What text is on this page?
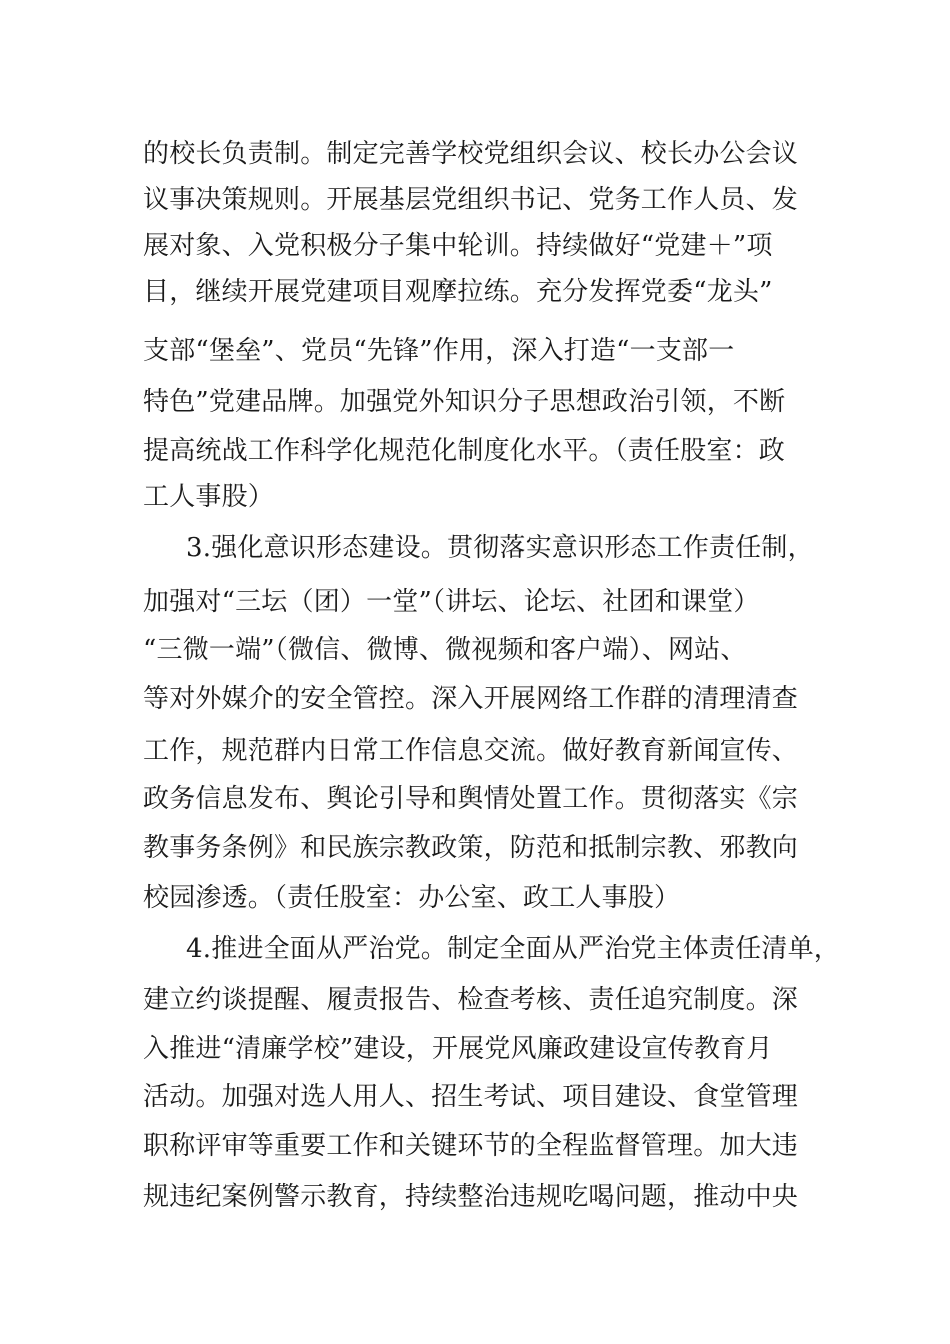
的校长负责制。制定完善学校党组织会议、校长办公会议
议事决策规则。开展基层党组织书记、党务工作人员、发
展对象、入党积极分子集中轮训。持续做好“党建＋”项
目，继续开展党建项目观摩拉练。充分发挥党委“龙头”
支部“堡垒”、党员“先锋”作用，深入打造“一支部一
特色”党建品牌。加强党外知识分子思想政治引领，不断
提高统战工作科学化规范化制度化水平。（责任股室：政
工人事股）
3.强化意识形态建设。贯彻落实意识形态工作责任制，
加强对“三坛（团）一堂”（讲坛、论坛、社团和课堂）
“三微一端”（微信、微博、微视频和客户端）、网站、
等对外媒介的安全管控。深入开展网络工作群的清理清查
工作，规范群内日常工作信息交流。做好教育新闻宣传、
政务信息发布、舆论引导和舆情处置工作。贯彻落实《宗
教事务条例》和民族宗教政策，防范和抵制宗教、邪教向
校园渗透。（责任股室：办公室、政工人事股）
4.推进全面从严治党。制定全面从严治党主体责任清单，
建立约谈提醒、履责报告、检查考核、责任追究制度。深
入推进“清廉学校”建设，开展党风廉政建设宣传教育月
活动。加强对选人用人、招生考试、项目建设、食堂管理
职称评审等重要工作和关键环节的全程监督管理。加大违
规违纪案例警示教育，持续整治违规吃喝问题，推动中央
